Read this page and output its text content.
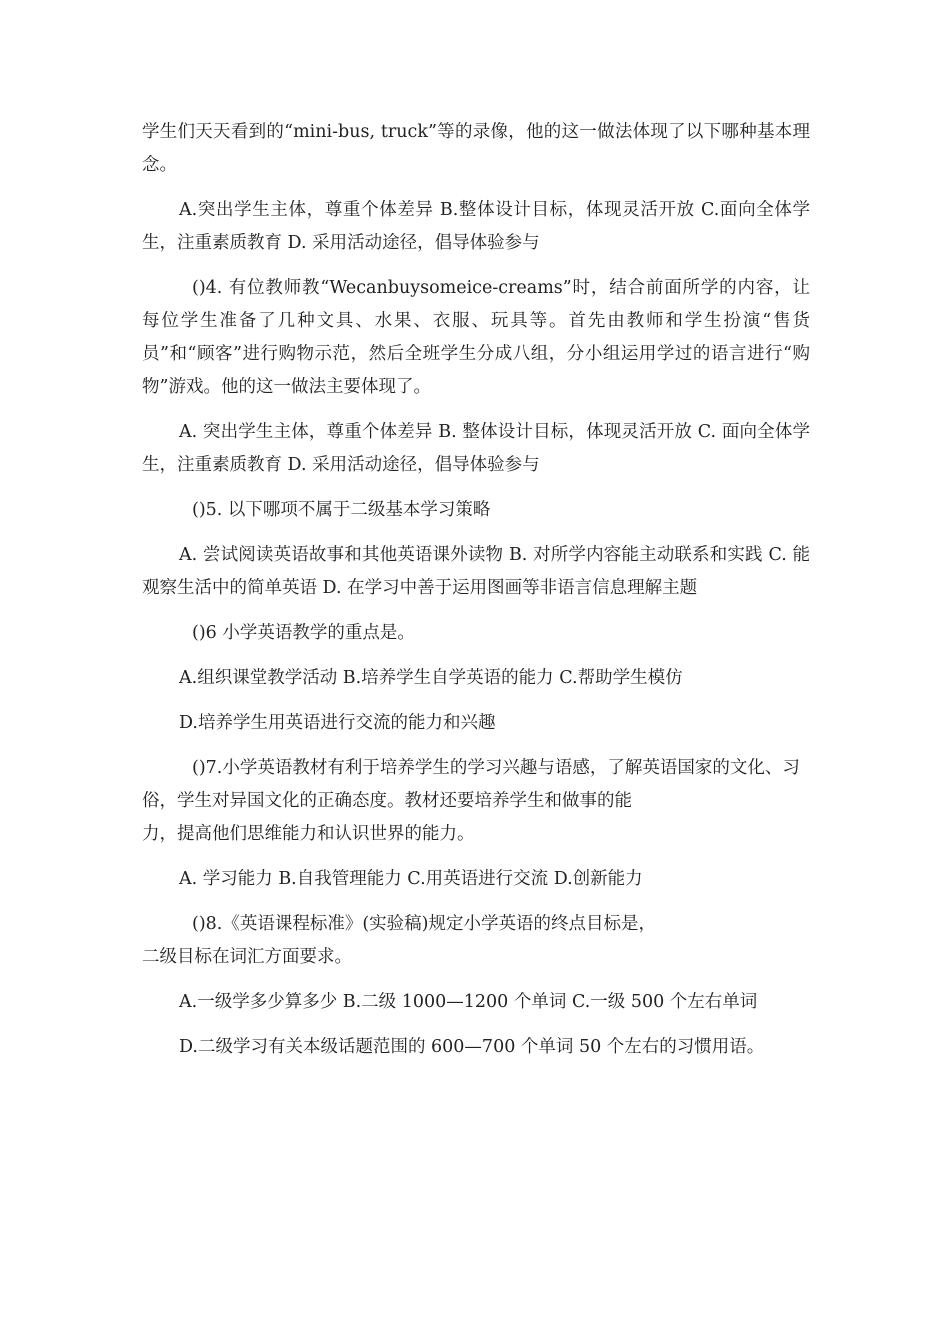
学生们天天看到的“mini-bus, truck”等的录像，他的这一做法体现了以下哪种基本理念。

A.突出学生主体，尊重个体差异 B.整体设计目标，体现灵活开放 C.面向全体学生，注重素质教育 D. 采用活动途径，倡导体验参与

()4. 有位教师教“Wecanbuysomeice-creams”时，结合前面所学的内容，让每位学生准备了几种文具、水果、衣服、玩具等。首先由教师和学生扮演“售货员”和“顾客”进行购物示范，然后全班学生分成八组，分小组运用学过的语言进行“购物”游戏。他的这一做法主要体现了。

A. 突出学生主体，尊重个体差异 B. 整体设计目标，体现灵活开放 C. 面向全体学生，注重素质教育 D. 采用活动途径，倡导体验参与

()5. 以下哪项不属于二级基本学习策略

A. 尝试阅读英语故事和其他英语课外读物 B. 对所学内容能主动联系和实践 C. 能观察生活中的简单英语 D. 在学习中善于运用图画等非语言信息理解主题

()6 小学英语教学的重点是。

A.组织课堂教学活动 B.培养学生自学英语的能力 C.帮助学生模仿

D.培养学生用英语进行交流的能力和兴趣

()7.小学英语教材有利于培养学生的学习兴趣与语感，了解英语国家的文化、习俗，学生对异国文化的正确态度。教材还要培养学生和做事的能
力，提高他们思维能力和认识世界的能力。

A. 学习能力 B.自我管理能力 C.用英语进行交流 D.创新能力

()8.《英语课程标准》(实验稿)规定小学英语的终点目标是，
二级目标在词汇方面要求。

A.一级学多少算多少 B.二级 1000—1200 个单词 C.一级 500 个左右单词

D.二级学习有关本级话题范围的 600—700 个单词 50 个左右的习惯用语。
